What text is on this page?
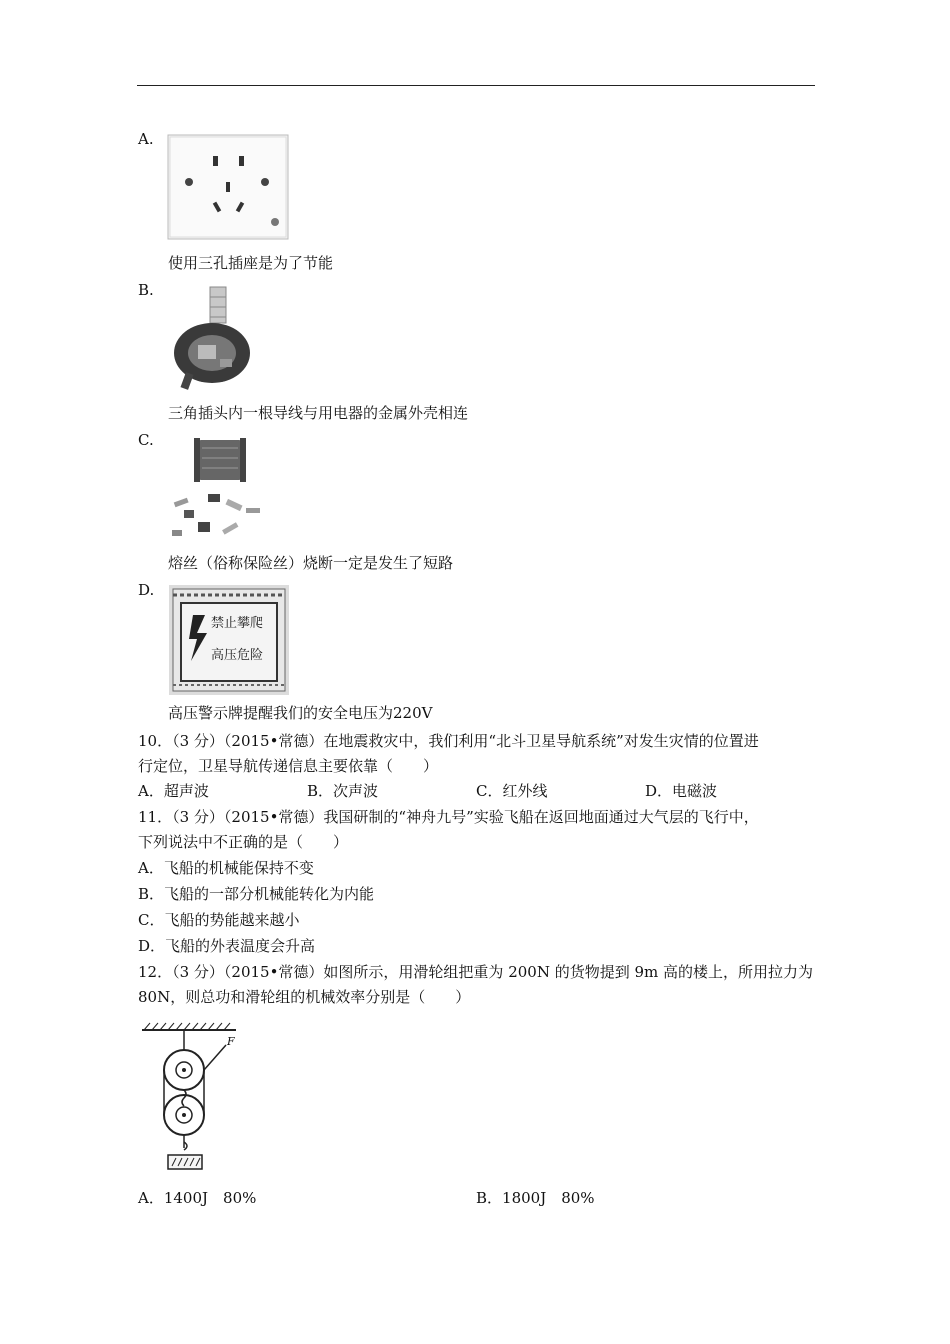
A.
使用三孔插座是为了节能
B.
三角插头内一根导线与用电器的金属外壳相连
C.
熔丝（俗称保险丝）烧断一定是发生了短路
D.
禁止攀爬
高压危险
高压警示牌提醒我们的安全电压为220V
10．（3 分）（2015•常德）在地震救灾中，我们利用“北斗卫星导航系统”对发生灾情的位置进
行定位，卫星导航传递信息主要依靠（　　）
A．超声波	B．次声波	C．红外线	D．电磁波
11．（3 分）（2015•常德）我国研制的“神舟九号”实验飞船在返回地面通过大气层的飞行中，
下列说法中不正确的是（　　）
A．飞船的机械能保持不变
B．飞船的一部分机械能转化为内能
C．飞船的势能越来越小
D．飞船的外表温度会升高
12．（3 分）（2015•常德）如图所示，用滑轮组把重为 200N 的货物提到 9m 高的楼上，所用拉力为
80N，则总功和滑轮组的机械效率分别是（　　）
F
A．1400J　80%	B．1800J　80%
